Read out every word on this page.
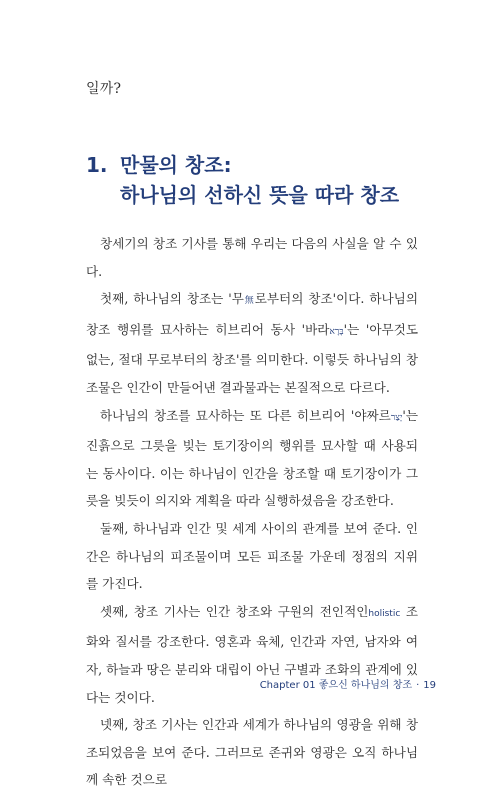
일까?
1. 만물의 창조:
하나님의 선하신 뜻을 따라 창조

창세기의 창조 기사를 통해 우리는 다음의 사실을 알 수 있다.

첫째, 하나님의 창조는 '무無로부터의 창조'이다. 하나님의 창조 행위를 묘사하는 히브리어 동사 '바라בָּרָא'는 '아무것도 없는, 절대 무로부터의 창조'를 의미한다. 이렇듯 하나님의 창조물은 인간이 만들어낸 결과물과는 본질적으로 다르다.

하나님의 창조를 묘사하는 또 다른 히브리어 '야짜르יָצַר'는 진흙으로 그릇을 빚는 토기장이의 행위를 묘사할 때 사용되는 동사이다. 이는 하나님이 인간을 창조할 때 토기장이가 그릇을 빚듯이 의지와 계획을 따라 실행하셨음을 강조한다.

둘째, 하나님과 인간 및 세계 사이의 관계를 보여 준다. 인간은 하나님의 피조물이며 모든 피조물 가운데 정점의 지위를 가진다.

셋째, 창조 기사는 인간 창조와 구원의 전인적인holistic 조화와 질서를 강조한다. 영혼과 육체, 인간과 자연, 남자와 여자, 하늘과 땅은 분리와 대립이 아닌 구별과 조화의 관계에 있다는 것이다.

넷째, 창조 기사는 인간과 세계가 하나님의 영광을 위해 창조되었음을 보여 준다. 그러므로 존귀와 영광은 오직 하나님께 속한 것으로

Chapter 01 좋으신 하나님의 창조 · 19
